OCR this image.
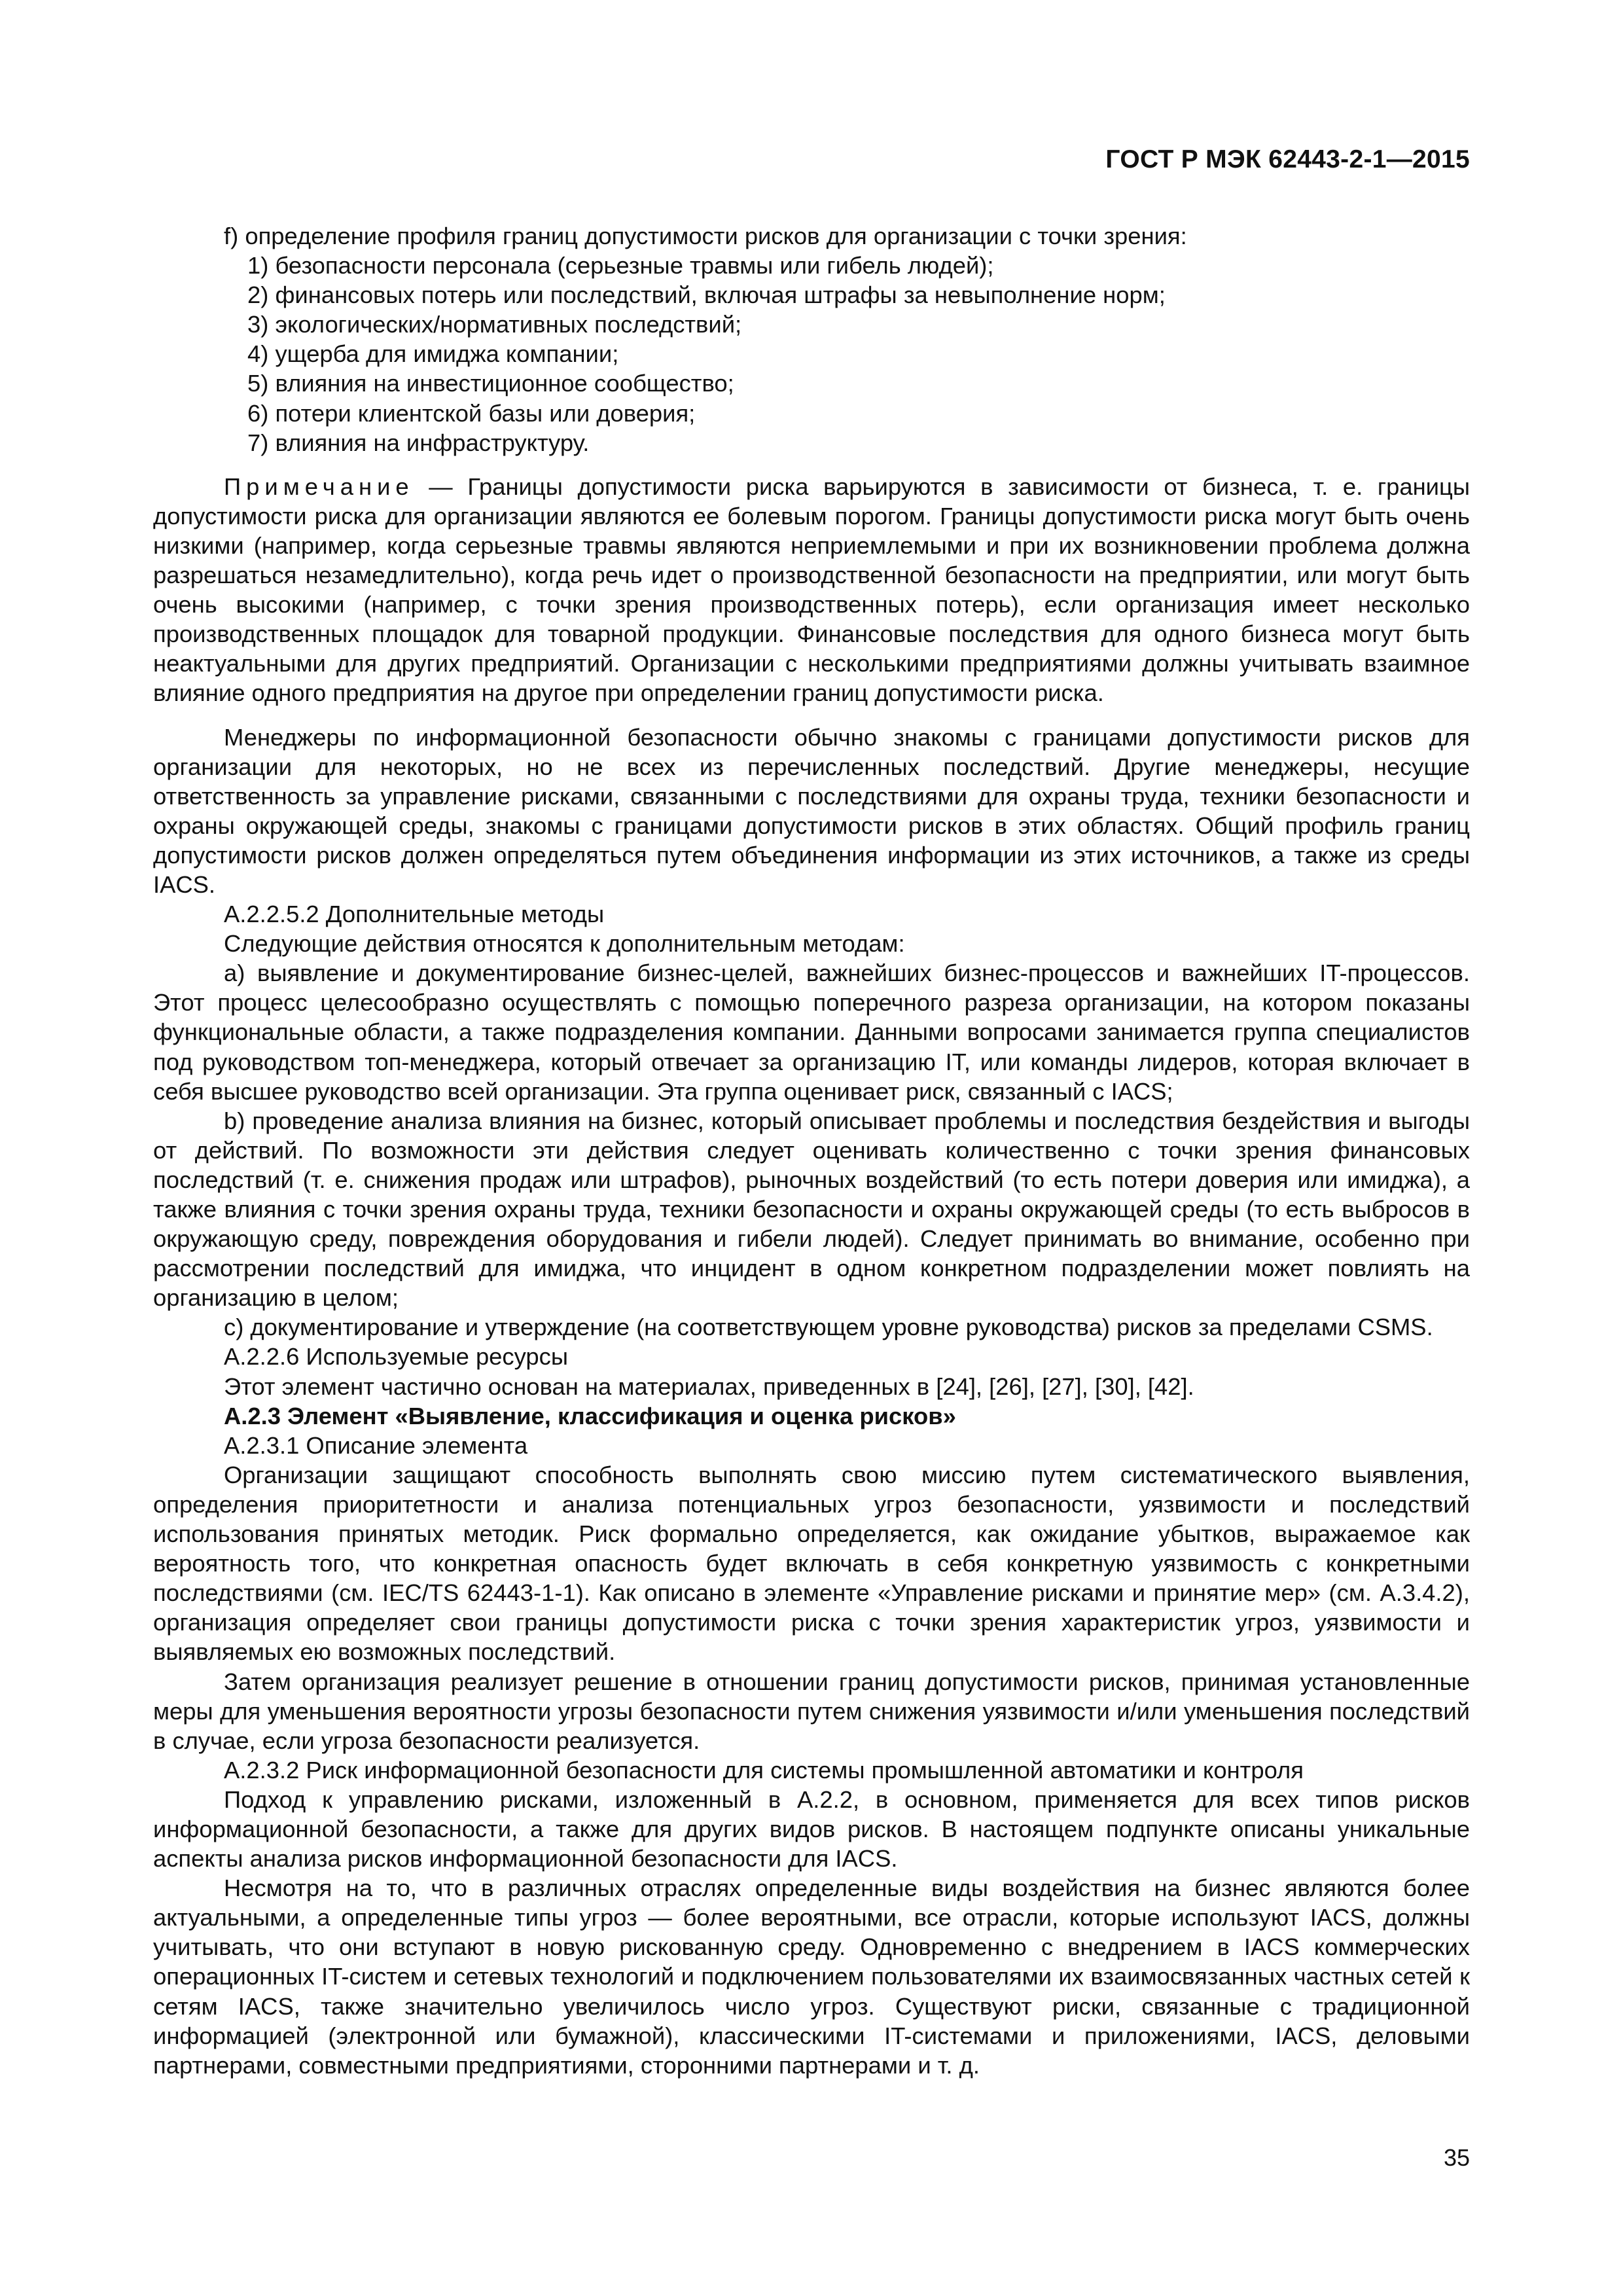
ГОСТ Р МЭК 62443-2-1—2015

f) определение профиля границ допустимости рисков для организации с точки зрения:

1) безопасности персонала (серьезные травмы или гибель людей);

2) финансовых потерь или последствий, включая штрафы за невыполнение норм;

3) экологических/нормативных последствий;

4) ущерба для имиджа компании;

5) влияния на инвестиционное сообщество;

6) потери клиентской базы или доверия;

7) влияния на инфраструктуру.

Примечание — Границы допустимости риска варьируются в зависимости от бизнеса, т. е. границы допустимости риска для организации являются ее болевым порогом. Границы допустимости риска могут быть очень низкими (например, когда серьезные травмы являются неприемлемыми и при их возникновении проблема должна разрешаться незамедлительно), когда речь идет о производственной безопасности на предприятии, или могут быть очень высокими (например, с точки зрения производственных потерь), если организация имеет несколько производственных площадок для товарной продукции. Финансовые последствия для одного бизнеса могут быть неактуальными для других предприятий. Организации с несколькими предприятиями должны учитывать взаимное влияние одного предприятия на другое при определении границ допустимости риска.

Менеджеры по информационной безопасности обычно знакомы с границами допустимости рисков для организации для некоторых, но не всех из перечисленных последствий. Другие менеджеры, несущие ответственность за управление рисками, связанными с последствиями для охраны труда, техники безопасности и охраны окружающей среды, знакомы с границами допустимости рисков в этих областях. Общий профиль границ допустимости рисков должен определяться путем объединения информации из этих источников, а также из среды IACS.

А.2.2.5.2 Дополнительные методы

Следующие действия относятся к дополнительным методам:

a) выявление и документирование бизнес-целей, важнейших бизнес-процессов и важнейших IT-процессов. Этот процесс целесообразно осуществлять с помощью поперечного разреза организации, на котором показаны функциональные области, а также подразделения компании. Данными вопросами занимается группа специалистов под руководством топ-менеджера, который отвечает за организацию IT, или команды лидеров, которая включает в себя высшее руководство всей организации. Эта группа оценивает риск, связанный с IACS;

b) проведение анализа влияния на бизнес, который описывает проблемы и последствия бездействия и выгоды от действий. По возможности эти действия следует оценивать количественно с точки зрения финансовых последствий (т. е. снижения продаж или штрафов), рыночных воздействий (то есть потери доверия или имиджа), а также влияния с точки зрения охраны труда, техники безопасности и охраны окружающей среды (то есть выбросов в окружающую среду, повреждения оборудования и гибели людей). Следует принимать во внимание, особенно при рассмотрении последствий для имиджа, что инцидент в одном конкретном подразделении может повлиять на организацию в целом;

c) документирование и утверждение (на соответствующем уровне руководства) рисков за пределами CSMS.

А.2.2.6 Используемые ресурсы

Этот элемент частично основан на материалах, приведенных в [24], [26], [27], [30], [42].

А.2.3 Элемент «Выявление, классификация и оценка рисков»

А.2.3.1 Описание элемента

Организации защищают способность выполнять свою миссию путем систематического выявления, определения приоритетности и анализа потенциальных угроз безопасности, уязвимости и последствий использования принятых методик. Риск формально определяется, как ожидание убытков, выражаемое как вероятность того, что конкретная опасность будет включать в себя конкретную уязвимость с конкретными последствиями (см. IEC/TS 62443-1-1). Как описано в элементе «Управление рисками и принятие мер» (см. А.3.4.2), организация определяет свои границы допустимости риска с точки зрения характеристик угроз, уязвимости и выявляемых ею возможных последствий.

Затем организация реализует решение в отношении границ допустимости рисков, принимая установленные меры для уменьшения вероятности угрозы безопасности путем снижения уязвимости и/или уменьшения последствий в случае, если угроза безопасности реализуется.

А.2.3.2 Риск информационной безопасности для системы промышленной автоматики и контроля

Подход к управлению рисками, изложенный в А.2.2, в основном, применяется для всех типов рисков информационной безопасности, а также для других видов рисков. В настоящем подпункте описаны уникальные аспекты анализа рисков информационной безопасности для IACS.

Несмотря на то, что в различных отраслях определенные виды воздействия на бизнес являются более актуальными, а определенные типы угроз — более вероятными, все отрасли, которые используют IACS, должны учитывать, что они вступают в новую рискованную среду. Одновременно с внедрением в IACS коммерческих операционных IT-систем и сетевых технологий и подключением пользователями их взаимосвязанных частных сетей к сетям IACS, также значительно увеличилось число угроз. Существуют риски, связанные с традиционной информацией (электронной или бумажной), классическими IT-системами и приложениями, IACS, деловыми партнерами, совместными предприятиями, сторонними партнерами и т. д.

35
